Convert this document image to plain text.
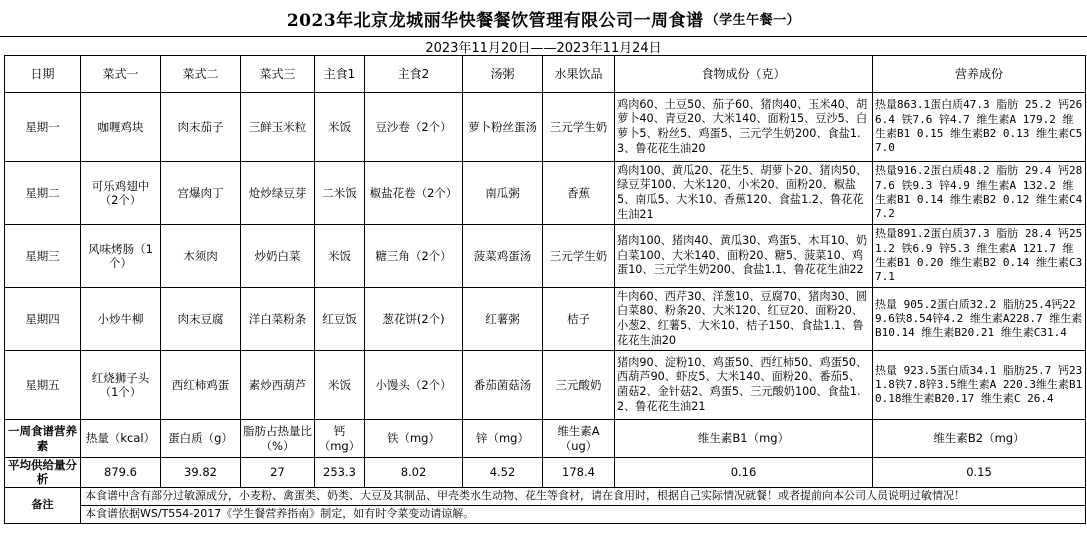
2023年北京龙城丽华快餐餐饮管理有限公司一周食谱 （学生午餐一）
2023年11月20日——2023年11月24日
日期	菜式一	菜式二	菜式三	主食1	主食2	汤粥	水果饮品	食物成份（克）	营养成份
星期一	咖喱鸡块	肉末茄子	三鲜玉米粒	米饭	豆沙卷（2个）	萝卜粉丝蛋汤	三元学生奶	鸡肉60、土豆50、茄子60、猪肉40、玉米40、胡萝卜40、青豆20、大米140、面粉15、豆沙5、白萝卜5、粉丝5、鸡蛋5、三元学生奶200、食盐1.3、鲁花花生油20	热量863.1蛋白质47.3 脂肪 25.2 钙266.4 铁7.6 锌4.7 维生素A 179.2 维生素B1 0.15 维生素B2 0.13 维生素C57.0
星期二	可乐鸡翅中（2个）	宫爆肉丁	炝炒绿豆芽	二米饭	椒盐花卷（2个）	南瓜粥	香蕉	鸡肉100、黄瓜20、花生5、胡萝卜20、猪肉50、绿豆芽100、大米120、小米20、面粉20、椒盐5、南瓜5、大米10、香蕉120、食盐1.2、鲁花花生油21	热量916.2蛋白质48.2 脂肪 29.4 钙287.6 铁9.3 锌4.9 维生素A 132.2 维生素B1 0.14 维生素B2 0.12 维生素C47.2
星期三	风味烤肠（1个）	木须肉	炒奶白菜	米饭	糖三角（2个）	菠菜鸡蛋汤	三元学生奶	猪肉100、猪肉40、黄瓜30、鸡蛋5、木耳10、奶白菜100、大米140、面粉20、糖5、菠菜10、鸡蛋10、三元学生奶200、食盐1.1、鲁花花生油22	热量891.2蛋白质37.3 脂肪 28.4 钙251.2 铁6.9 锌5.3 维生素A 121.7 维生素B1 0.20 维生素B2 0.14 维生素C37.1
星期四	小炒牛柳	肉末豆腐	洋白菜粉条	红豆饭	葱花饼(2个)	红薯粥	桔子	牛肉60、西芹30、洋葱10、豆腐70、猪肉30、圆白菜80、粉条20、大米120、红豆20、面粉20、小葱2、红薯5、大米10、桔子150、食盐1.1、鲁花花生油20	热量 905.2蛋白质32.2 脂肪25.4钙229.6铁8.54锌4.2 维生素A228.7 维生素B10.14 维生素B20.21 维生素C31.4
星期五	红烧狮子头（1个）	西红柿鸡蛋	素炒西葫芦	米饭	小馒头（2个）	番茄菌菇汤	三元酸奶	猪肉90、淀粉10、鸡蛋50、西红柿50、鸡蛋50、西葫芦90、虾皮5、大米140、面粉20、番茄5、菌菇2、金针菇2、鸡蛋5、三元酸奶100、食盐1.2、鲁花花生油21	热量 923.5蛋白质34.1 脂肪25.7 钙231.8铁7.8锌3.5维生素A 220.3维生素B1 0.18维生素B20.17 维生素C 26.4
一周食谱营养素	热量（kcal）	蛋白质（g）	脂肪占热量比（%）	钙（mg）	铁（mg）	锌（mg）	维生素A（ug）	维生素B1（mg）	维生素B2（mg）
平均供给量分析	879.6	39.82	27	253.3	8.02	4.52	178.4	0.16	0.15
备注	本食谱中含有部分过敏源成分，小麦粉、禽蛋类、奶类、大豆及其制品、甲壳类水生动物、花生等食材，请在食用时，根据自己实际情况就餐！或者提前向本公司人员说明过敏情况！								
	本食谱依据WS/T554-2017《学生餐营养指南》制定，如有时令菜变动请谅解。								
